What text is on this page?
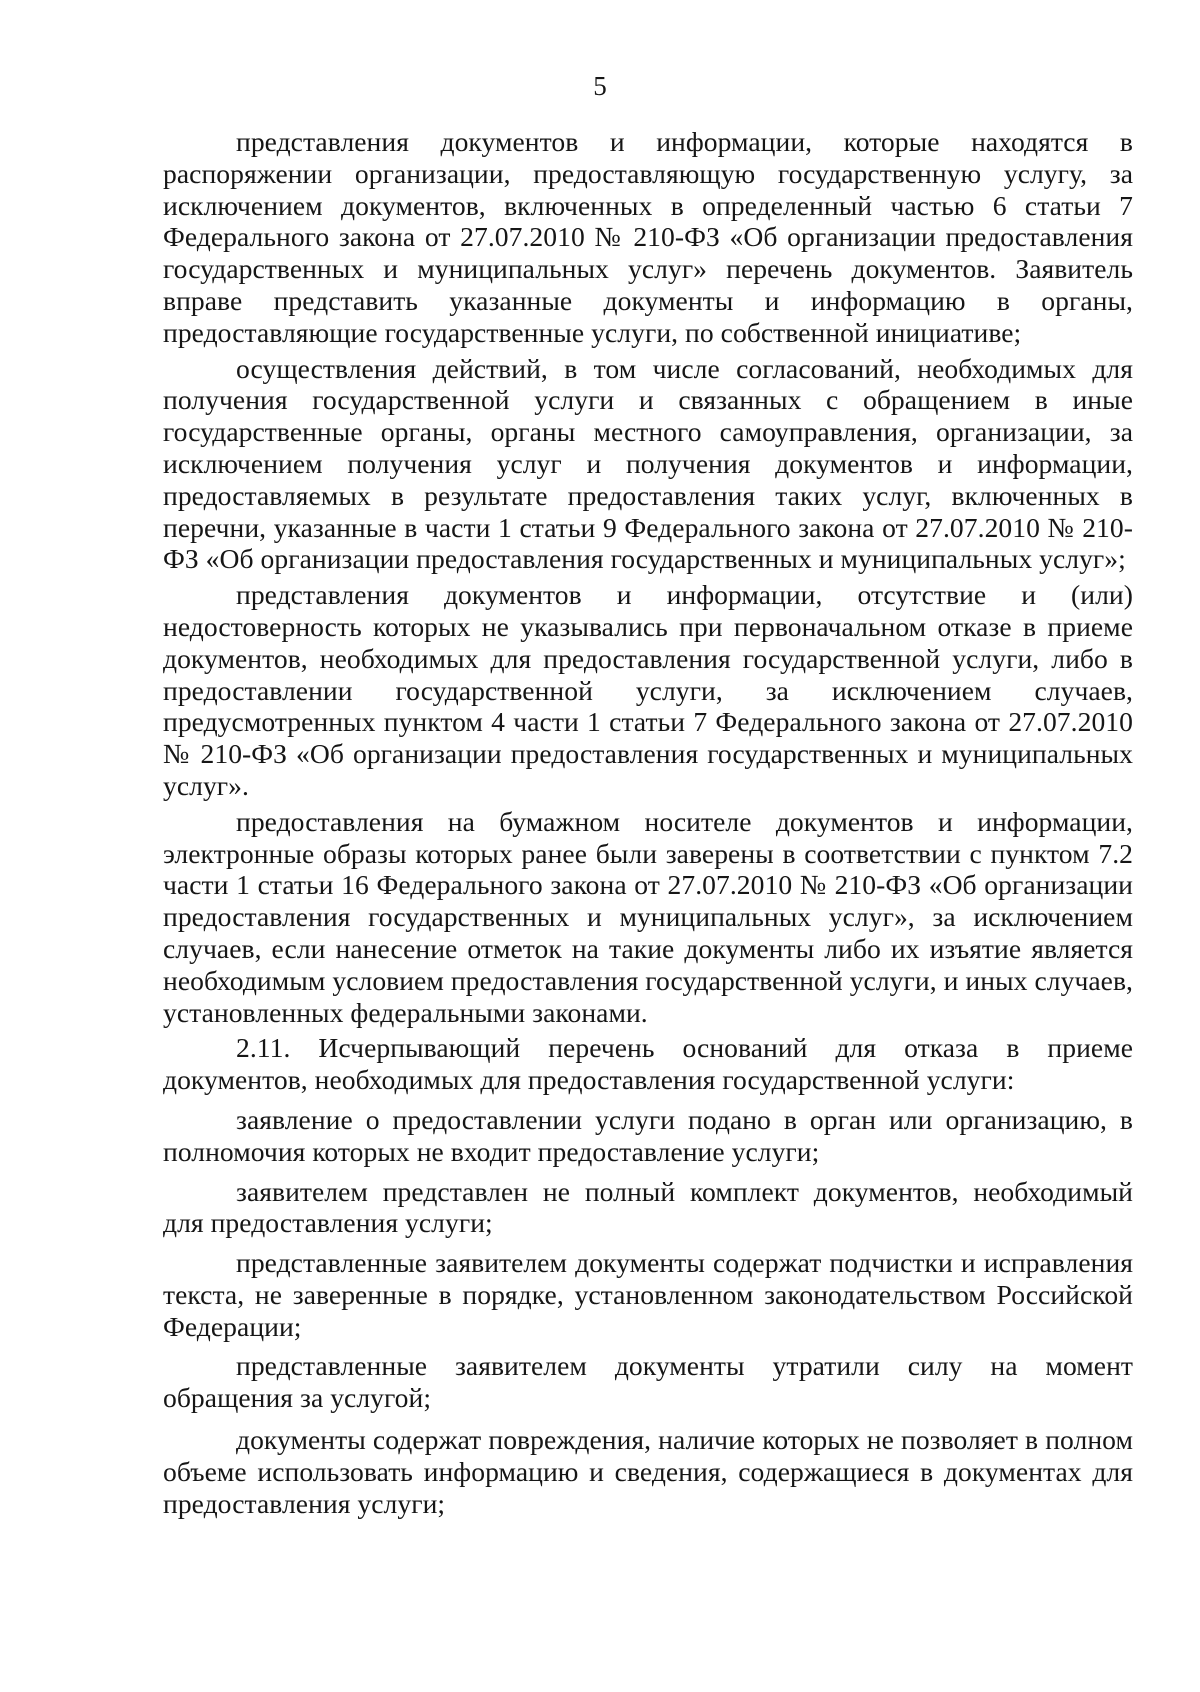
5

представления документов и информации, которые находятся в распоряжении организации, предоставляющую государственную услугу, за исключением документов, включенных в определенный частью 6 статьи 7 Федерального закона от 27.07.2010 № 210-ФЗ «Об организации предоставления государственных и муниципальных услуг» перечень документов. Заявитель вправе представить указанные документы и информацию в органы, предоставляющие государственные услуги, по собственной инициативе;

осуществления действий, в том числе согласований, необходимых для получения государственной услуги и связанных с обращением в иные государственные органы, органы местного самоуправления, организации, за исключением получения услуг и получения документов и информации, предоставляемых в результате предоставления таких услуг, включенных в перечни, указанные в части 1 статьи 9 Федерального закона от 27.07.2010 № 210-ФЗ «Об организации предоставления государственных и муниципальных услуг»;

представления документов и информации, отсутствие и (или) недостоверность которых не указывались при первоначальном отказе в приеме документов, необходимых для предоставления государственной услуги, либо в предоставлении государственной услуги, за исключением случаев, предусмотренных пунктом 4 части 1 статьи 7 Федерального закона от 27.07.2010 № 210-ФЗ «Об организации предоставления государственных и муниципальных услуг».

предоставления на бумажном носителе документов и информации, электронные образы которых ранее были заверены в соответствии с пунктом 7.2 части 1 статьи 16 Федерального закона от 27.07.2010 № 210-ФЗ «Об организации предоставления государственных и муниципальных услуг», за исключением случаев, если нанесение отметок на такие документы либо их изъятие является необходимым условием предоставления государственной услуги, и иных случаев, установленных федеральными законами.

2.11. Исчерпывающий перечень оснований для отказа в приеме документов, необходимых для предоставления государственной услуги:

заявление о предоставлении услуги подано в орган или организацию, в полномочия которых не входит предоставление услуги;

заявителем представлен не полный комплект документов, необходимый для предоставления услуги;

представленные заявителем документы содержат подчистки и исправления текста, не заверенные в порядке, установленном законодательством Российской Федерации;

представленные заявителем документы утратили силу на момент обращения за услугой;

документы содержат повреждения, наличие которых не позволяет в полном объеме использовать информацию и сведения, содержащиеся в документах для предоставления услуги;
